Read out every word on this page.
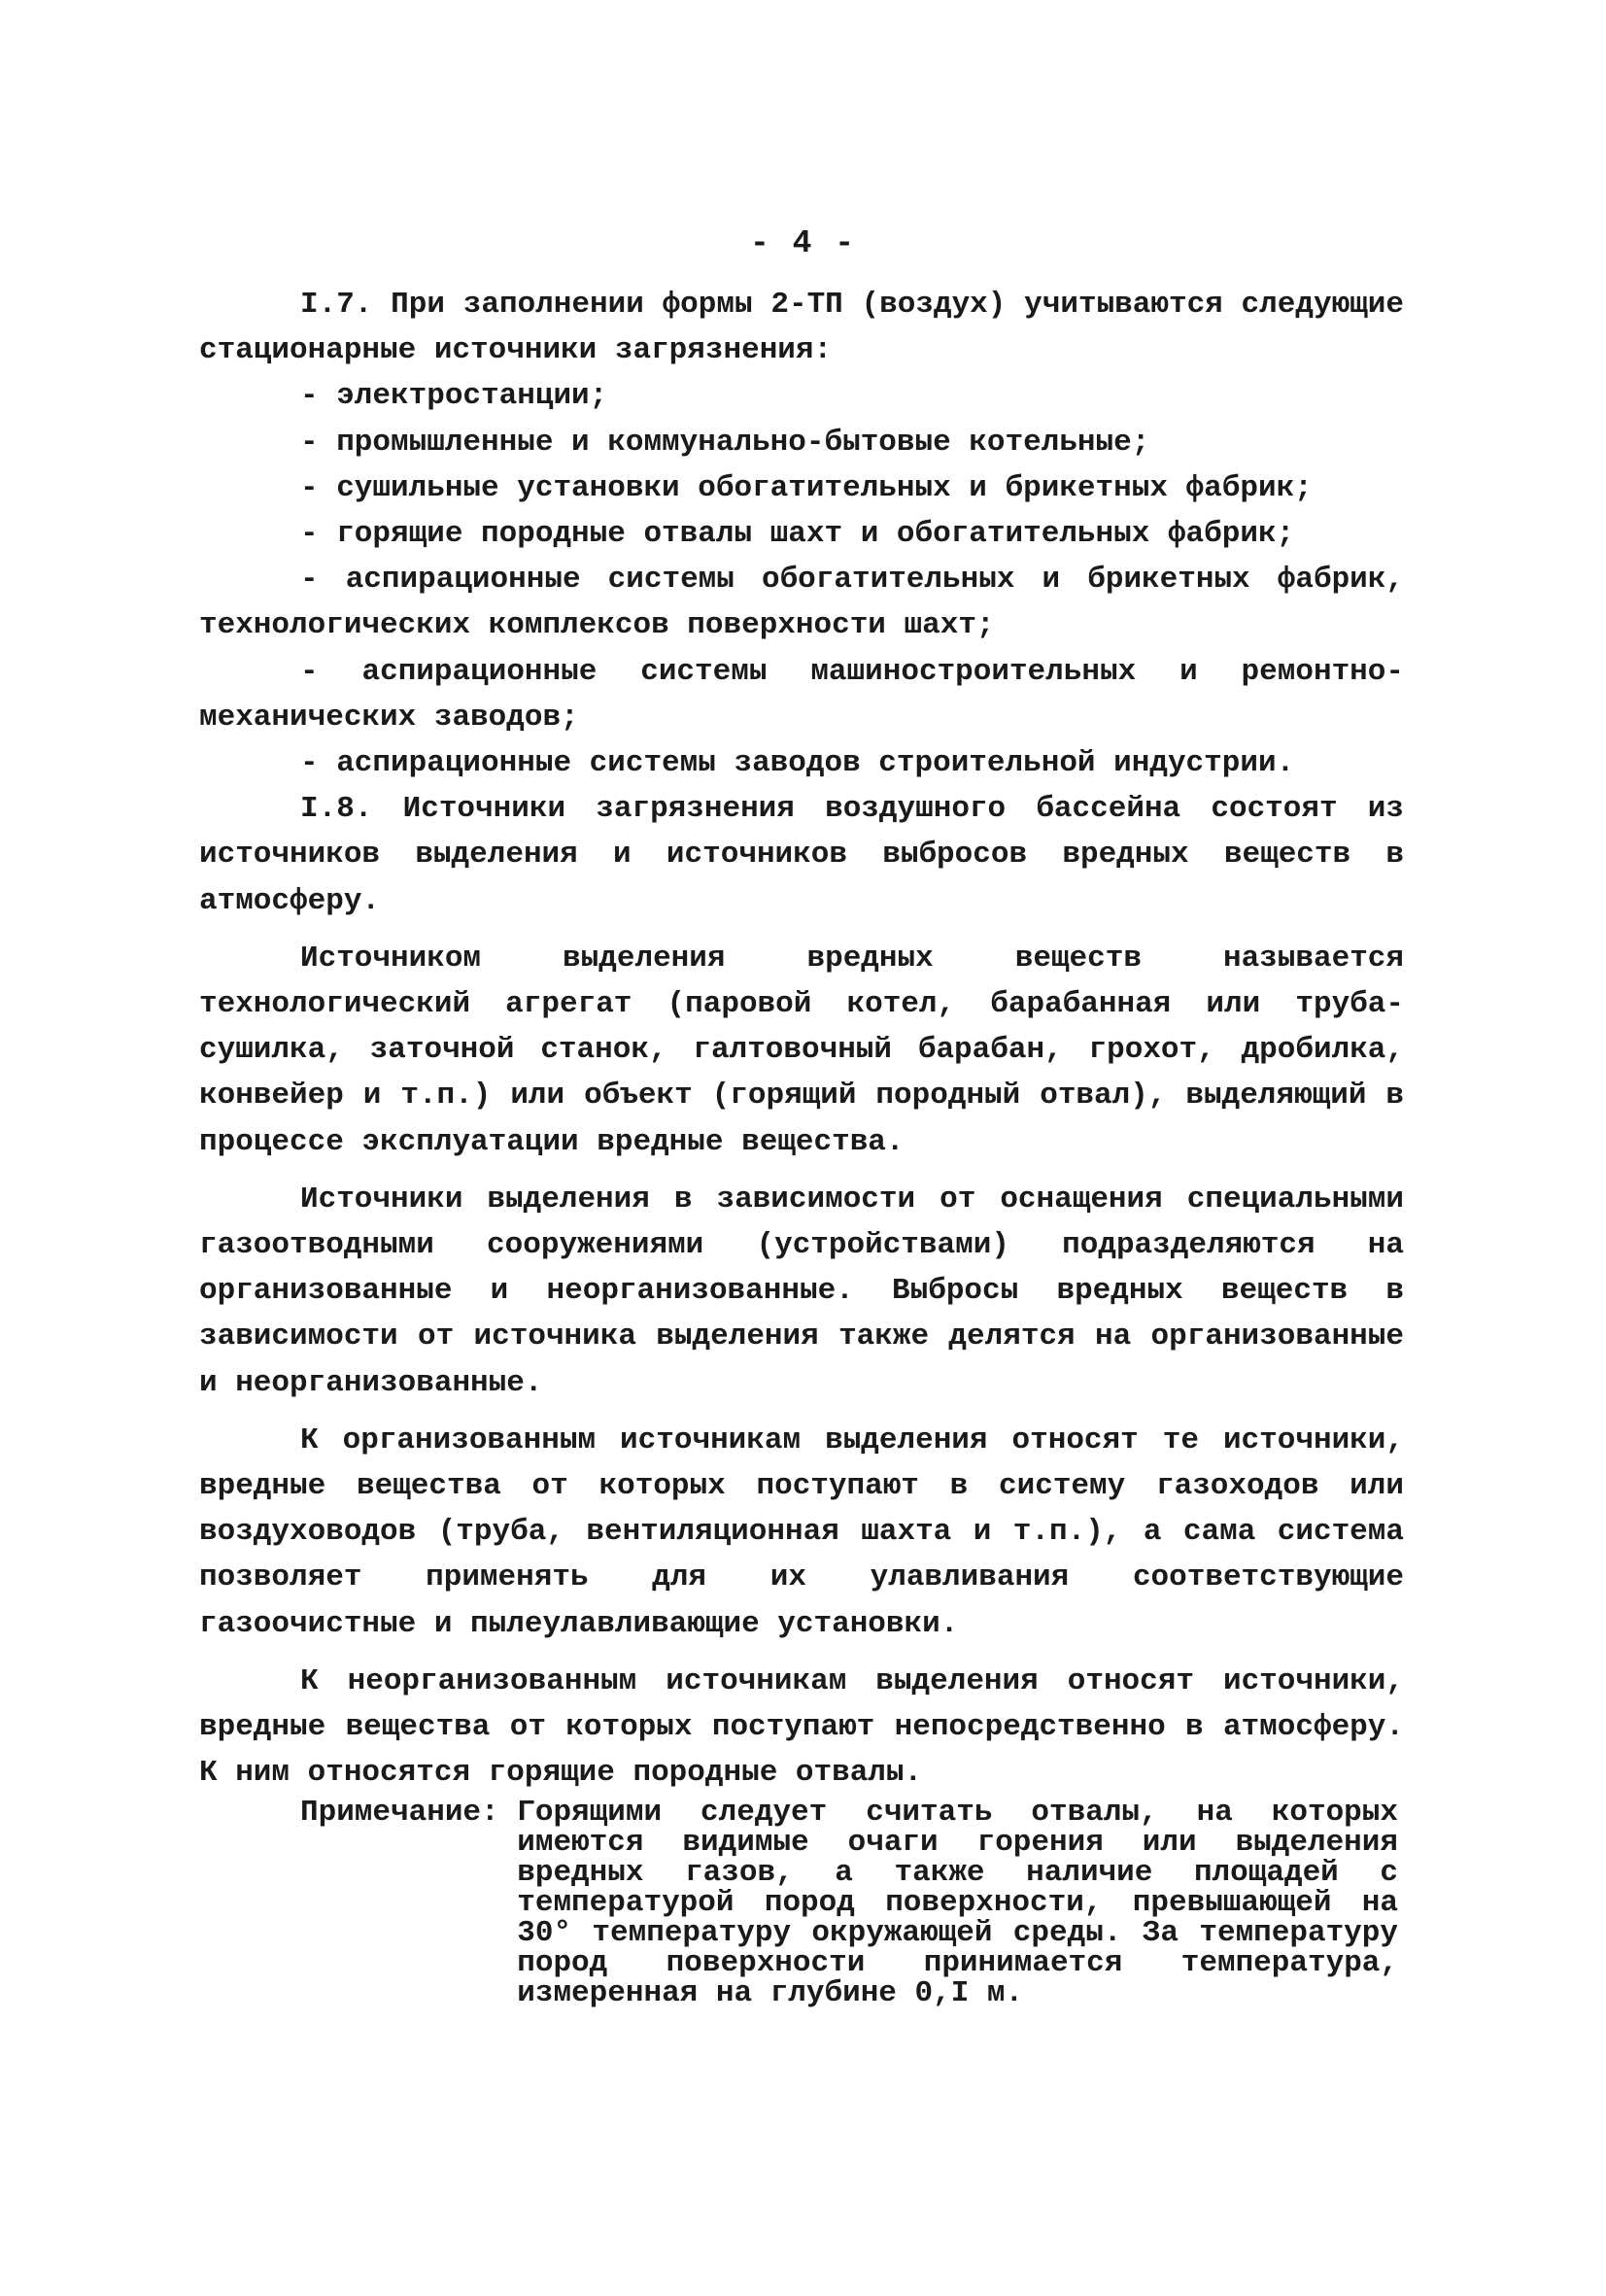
- 4 -

I.7. При заполнении формы 2-ТП (воздух) учитываются следующие стационарные источники загрязнения:

- электростанции;

- промышленные и коммунально-бытовые котельные;

- сушильные установки обогатительных и брикетных фабрик;

- горящие породные отвалы шахт и обогатительных фабрик;

- аспирационные системы обогатительных и брикетных фабрик, технологических комплексов поверхности шахт;

- аспирационные системы машиностроительных и ремонтно-механических заводов;

- аспирационные системы заводов строительной индустрии.

I.8. Источники загрязнения воздушного бассейна состоят из источников выделения и источников выбросов вредных веществ в атмосферу.

Источником выделения вредных веществ называется технологический агрегат (паровой котел, барабанная или труба-сушилка, заточной станок, галтовочный барабан, грохот, дробилка, конвейер и т.п.) или объект (горящий породный отвал), выделяющий в процессе эксплуатации вредные вещества.

Источники выделения в зависимости от оснащения специальными газоотводными сооружениями (устройствами) подразделяются на организованные и неорганизованные. Выбросы вредных веществ в зависимости от источника выделения также делятся на организованные и неорганизованные.

К организованным источникам выделения относят те источники, вредные вещества от которых поступают в систему газоходов или воздуховодов (труба, вентиляционная шахта и т.п.), а сама система позволяет применять для их улавливания соответствующие газоочистные и пылеулавливающие установки.

К неорганизованным источникам выделения относят источники, вредные вещества от которых поступают непосредственно в атмосферу. К ним относятся горящие породные отвалы.

Примечание: Горящими следует считать отвалы, на которых имеются видимые очаги горения или выделения вредных газов, а также наличие площадей с температурой пород поверхности, превышающей на 30° температуру окружающей среды. За температуру пород поверхности принимается температура, измеренная на глубине 0,I м.
